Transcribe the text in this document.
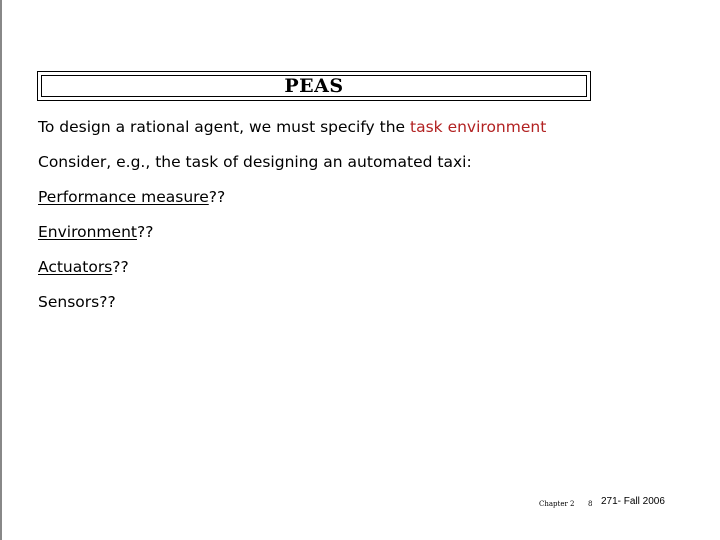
PEAS
To design a rational agent, we must specify the task environment
Consider, e.g., the task of designing an automated taxi:
Performance measure??
Environment??
Actuators??
Sensors??
Chapter 2 8 271- Fall 2006
